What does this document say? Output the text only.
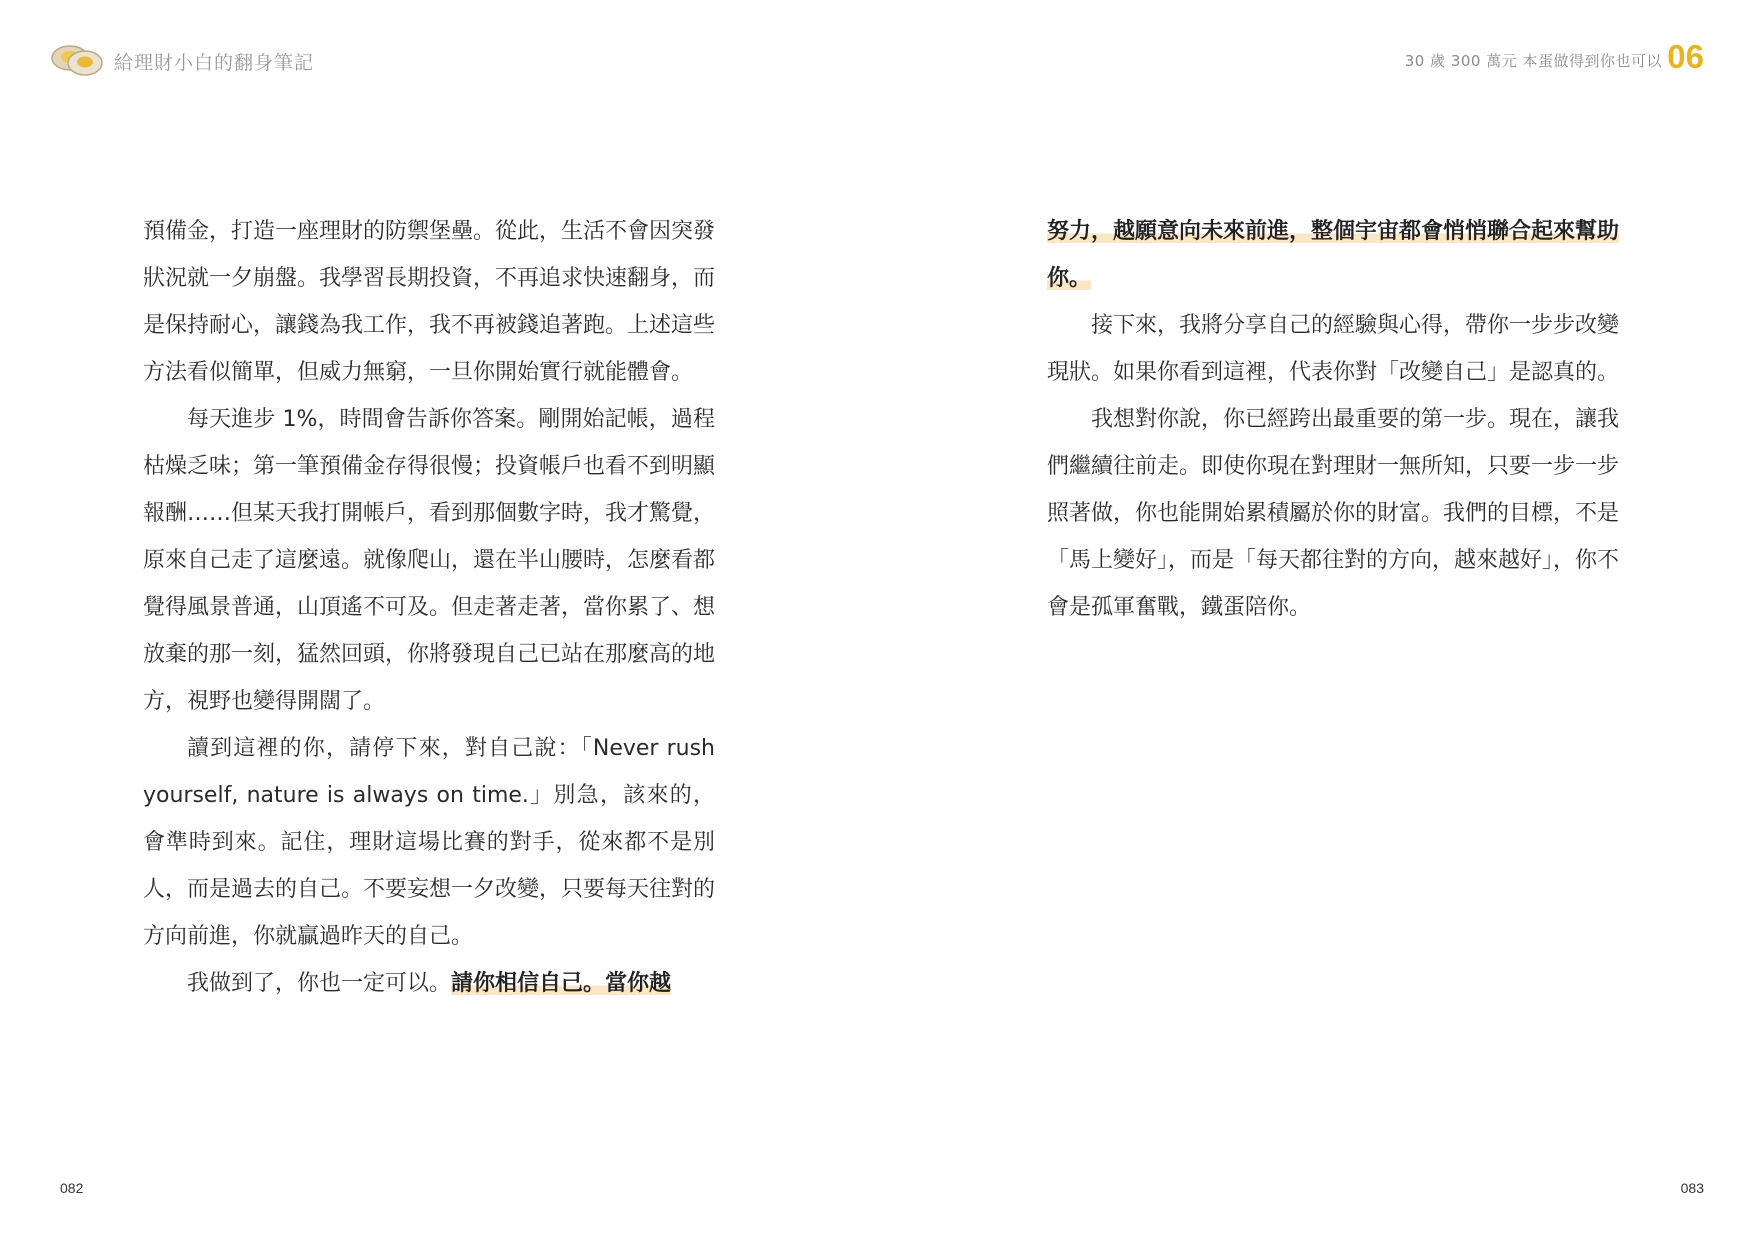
給理財小白的翻身筆記	30 歲 300 萬元 本蛋做得到你也可以 06

預備金，打造一座理財的防禦堡壘。從此，生活不會因突發狀況就一夕崩盤。我學習長期投資，不再追求快速翻身，而是保持耐心，讓錢為我工作，我不再被錢追著跑。上述這些方法看似簡單，但威力無窮，一旦你開始實行就能體會。

每天進步 1%，時間會告訴你答案。剛開始記帳，過程枯燥乏味；第一筆預備金存得很慢；投資帳戶也看不到明顯報酬……但某天我打開帳戶，看到那個數字時，我才驚覺，原來自己走了這麼遠。就像爬山，還在半山腰時，怎麼看都覺得風景普通，山頂遙不可及。但走著走著，當你累了、想放棄的那一刻，猛然回頭，你將發現自己已站在那麼高的地方，視野也變得開闊了。

讀到這裡的你，請停下來，對自己說：「Never rush yourself, nature is always on time.」別急，該來的，會準時到來。記住，理財這場比賽的對手，從來都不是別人，而是過去的自己。不要妄想一夕改變，只要每天往對的方向前進，你就贏過昨天的自己。

我做到了，你也一定可以。請你相信自己。當你越

努力，越願意向未來前進，整個宇宙都會悄悄聯合起來幫助你。

接下來，我將分享自己的經驗與心得，帶你一步步改變現狀。如果你看到這裡，代表你對「改變自己」是認真的。

我想對你說，你已經跨出最重要的第一步。現在，讓我們繼續往前走。即使你現在對理財一無所知，只要一步一步照著做，你也能開始累積屬於你的財富。我們的目標，不是「馬上變好」，而是「每天都往對的方向，越來越好」，你不會是孤軍奮戰，鐵蛋陪你。

082	083
